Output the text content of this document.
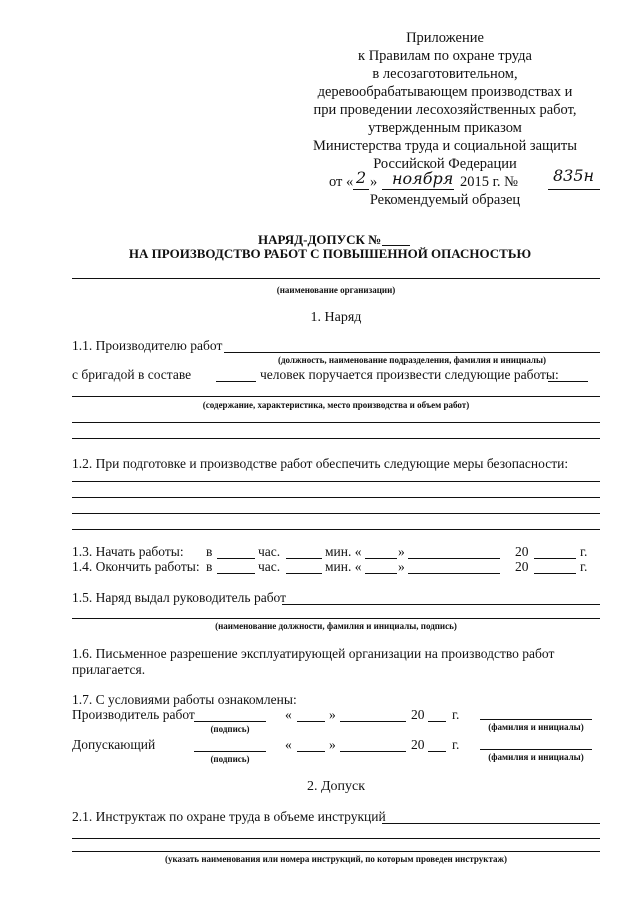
Приложение
к Правилам по охране труда
в лесозаготовительном,
деревообрабатывающем производствах и
при проведении лесохозяйственных работ,
утвержденным приказом
Министерства труда и социальной защиты
Российской Федерации
от « 2 » ноября 2015 г. № 835н
Рекомендуемый образец
НАРЯД-ДОПУСК №
НА ПРОИЗВОДСТВО РАБОТ С ПОВЫШЕННОЙ ОПАСНОСТЬЮ
(наименование организации)
1. Наряд
1.1. Производителю работ
(должность, наименование подразделения, фамилия и инициалы)
с бригадой в составе	человек поручается произвести следующие работы:
(содержание, характеристика, место производства и объем работ)
1.2. При подготовке и производстве работ обеспечить следующие меры безопасности:
1.3. Начать работы: в	час.	мин. «	»	20	г.
1.4. Окончить работы: в	час.	мин. «	»	20	г.
1.5. Наряд выдал руководитель работ
(наименование должности, фамилия и инициалы, подпись)
1.6. Письменное разрешение эксплуатирующей организации на производство работ
прилагается.
1.7. С условиями работы ознакомлены:
Производитель работ
(подпись)
«	»	20 г.
(фамилия и инициалы)
Допускающий
(подпись)
«	»	20 г.
(фамилия и инициалы)
2. Допуск
2.1. Инструктаж по охране труда в объеме инструкций
(указать наименования или номера инструкций, по которым проведен инструктаж)
